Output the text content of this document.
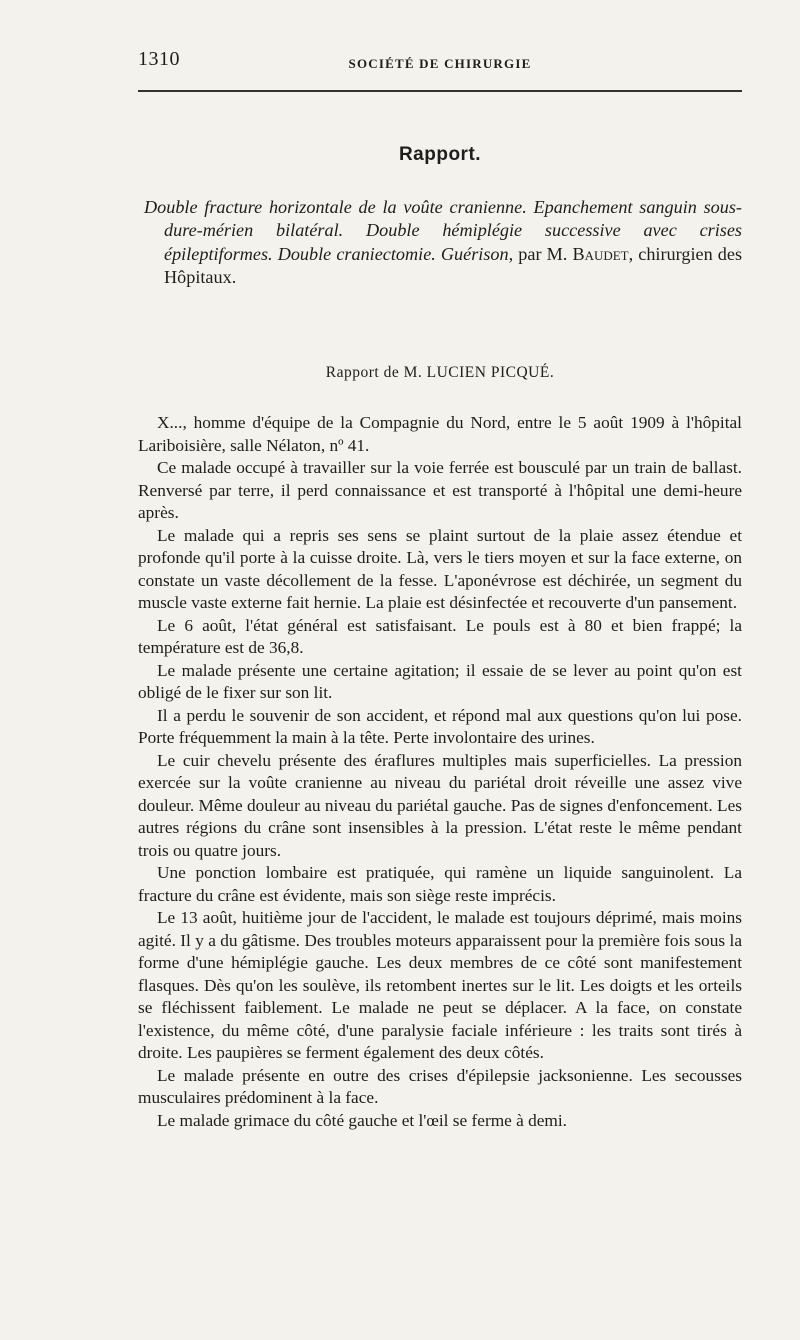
1310	SOCIÉTÉ DE CHIRURGIE
Rapport.
Double fracture horizontale de la voûte cranienne. Epanchement sanguin sous-dure-mérien bilatéral. Double hémiplégie successive avec crises épileptiformes. Double craniectomie. Guérison, par M. Baudet, chirurgien des Hôpitaux.
Rapport de M. LUCIEN PICQUÉ.

X..., homme d'équipe de la Compagnie du Nord, entre le 5 août 1909 à l'hôpital Lariboisière, salle Nélaton, nº 41.

Ce malade occupé à travailler sur la voie ferrée est bousculé par un train de ballast. Renversé par terre, il perd connaissance et est transporté à l'hôpital une demi-heure après.

Le malade qui a repris ses sens se plaint surtout de la plaie assez étendue et profonde qu'il porte à la cuisse droite. Là, vers le tiers moyen et sur la face externe, on constate un vaste décollement de la fesse. L'aponévrose est déchirée, un segment du muscle vaste externe fait hernie. La plaie est désinfectée et recouverte d'un pansement.

Le 6 août, l'état général est satisfaisant. Le pouls est à 80 et bien frappé; la température est de 36,8.

Le malade présente une certaine agitation; il essaie de se lever au point qu'on est obligé de le fixer sur son lit.

Il a perdu le souvenir de son accident, et répond mal aux questions qu'on lui pose. Porte fréquemment la main à la tête. Perte involontaire des urines.

Le cuir chevelu présente des éraflures multiples mais superficielles. La pression exercée sur la voûte cranienne au niveau du pariétal droit réveille une assez vive douleur. Même douleur au niveau du pariétal gauche. Pas de signes d'enfoncement. Les autres régions du crâne sont insensibles à la pression. L'état reste le même pendant trois ou quatre jours.

Une ponction lombaire est pratiquée, qui ramène un liquide sanguinolent. La fracture du crâne est évidente, mais son siège reste imprécis.

Le 13 août, huitième jour de l'accident, le malade est toujours déprimé, mais moins agité. Il y a du gâtisme. Des troubles moteurs apparaissent pour la première fois sous la forme d'une hémiplégie gauche. Les deux membres de ce côté sont manifestement flasques. Dès qu'on les soulève, ils retombent inertes sur le lit. Les doigts et les orteils se fléchissent faiblement. Le malade ne peut se déplacer. A la face, on constate l'existence, du même côté, d'une paralysie faciale inférieure : les traits sont tirés à droite. Les paupières se ferment également des deux côtés.

Le malade présente en outre des crises d'épilepsie jacksonienne. Les secousses musculaires prédominent à la face.

Le malade grimace du côté gauche et l'œil se ferme à demi.
